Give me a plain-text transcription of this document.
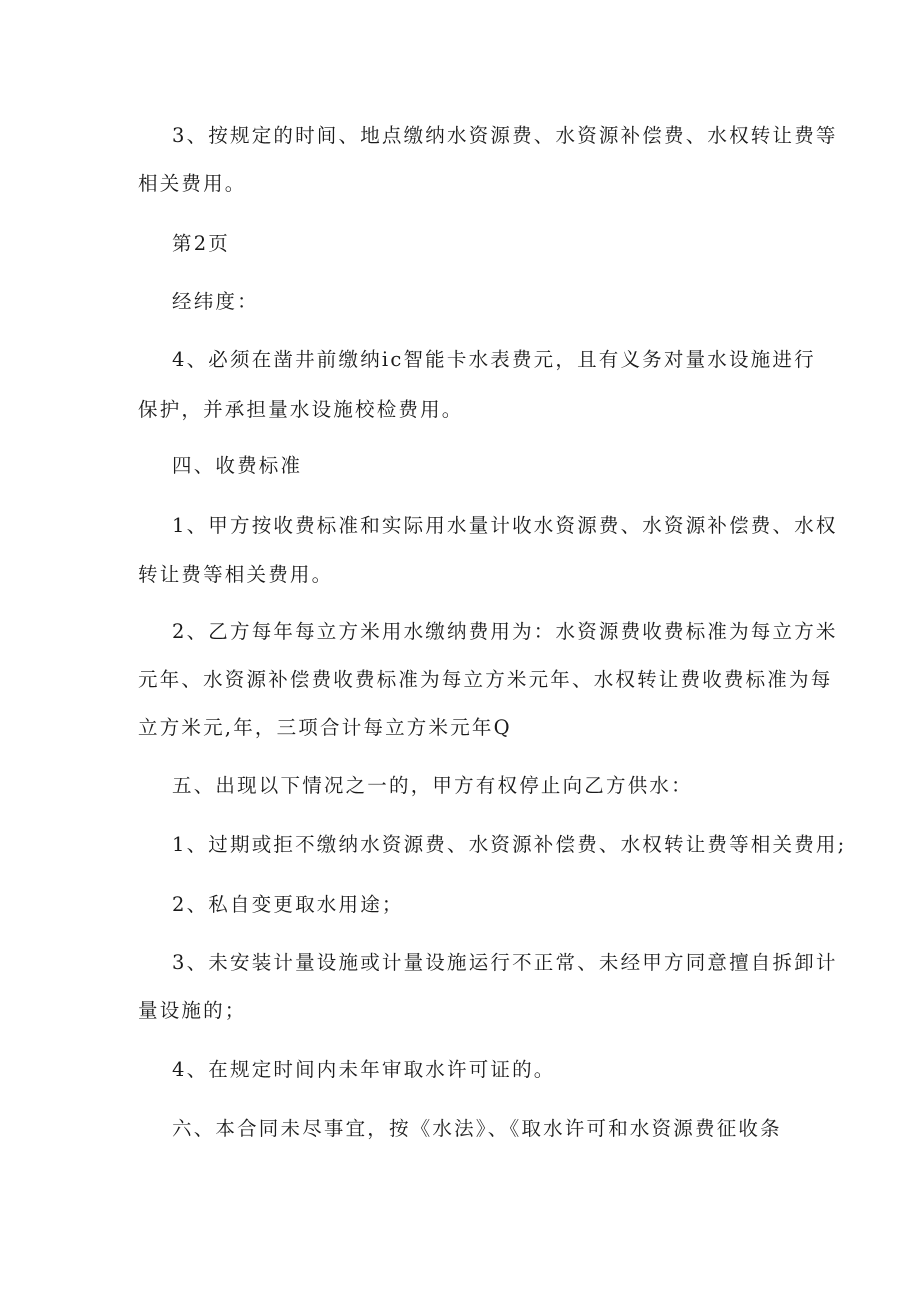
3、按规定的时间、地点缴纳水资源费、水资源补偿费、水权转让费等
相关费用。
第2页
经纬度：
4、必须在凿井前缴纳ic智能卡水表费元，且有义务对量水设施进行
保护，并承担量水设施校检费用。
四、收费标准
1、甲方按收费标准和实际用水量计收水资源费、水资源补偿费、水权
转让费等相关费用。
2、乙方每年每立方米用水缴纳费用为：水资源费收费标准为每立方米
元年、水资源补偿费收费标准为每立方米元年、水权转让费收费标准为每
立方米元,年，三项合计每立方米元年Q
五、出现以下情况之一的，甲方有权停止向乙方供水：
1、过期或拒不缴纳水资源费、水资源补偿费、水权转让费等相关费用;
2、私自变更取水用途；
3、未安装计量设施或计量设施运行不正常、未经甲方同意擅自拆卸计
量设施的；
4、在规定时间内未年审取水许可证的。
六、本合同未尽事宜，按《水法》、《取水许可和水资源费征收条
